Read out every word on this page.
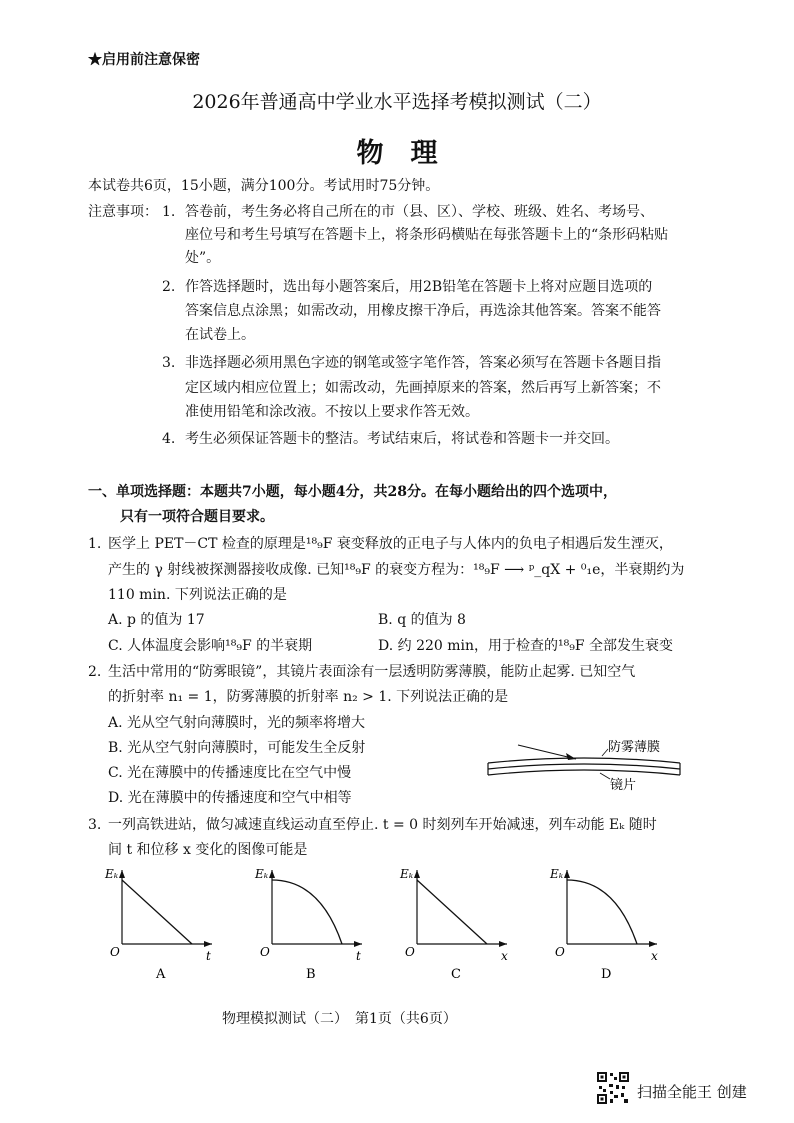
★启用前注意保密
2026年普通高中学业水平选择考模拟测试（二）
物　理
本试卷共6页，15小题，满分100分。考试用时75分钟。
注意事项： 1. 答卷前，考生务必将自己所在的市（县、区）、学校、班级、姓名、考场号、
座位号和考生号填写在答题卡上，将条形码横贴在每张答题卡上的“条形码粘贴
处”。
2. 作答选择题时，选出每小题答案后，用2B铅笔在答题卡上将对应题目选项的
答案信息点涂黑；如需改动，用橡皮擦干净后，再选涂其他答案。答案不能答
在试卷上。
3. 非选择题必须用黑色字迹的钢笔或签字笔作答，答案必须写在答题卡各题目指
定区域内相应位置上；如需改动，先画掉原来的答案，然后再写上新答案；不
准使用铅笔和涂改液。不按以上要求作答无效。
4. 考生必须保证答题卡的整洁。考试结束后，将试卷和答题卡一并交回。
一、单项选择题：本题共7小题，每小题4分，共28分。在每小题给出的四个选项中，
只有一项符合题目要求。
1. 医学上 PET－CT 检查的原理是¹⁸₉F 衰变释放的正电子与人体内的负电子相遇后发生湮灭，
产生的 γ 射线被探测器接收成像. 已知¹⁸₉F 的衰变方程为：¹⁸₉F ⟶ ᵖ_qX + ⁰₁e，半衰期约为
110 min. 下列说法正确的是
A. p 的值为 17	B. q 的值为 8
C. 人体温度会影响¹⁸₉F 的半衰期	D. 约 220 min，用于检查的¹⁸₉F 全部发生衰变
2. 生活中常用的“防雾眼镜”，其镜片表面涂有一层透明防雾薄膜，能防止起雾. 已知空气
的折射率 n₁ = 1，防雾薄膜的折射率 n₂ > 1. 下列说法正确的是
A. 光从空气射向薄膜时，光的频率将增大
B. 光从空气射向薄膜时，可能发生全反射
C. 光在薄膜中的传播速度比在空气中慢
D. 光在薄膜中的传播速度和空气中相等
防雾薄膜
镜片
3. 一列高铁进站，做匀减速直线运动直至停止. t = 0 时刻列车开始减速，列车动能 Eₖ 随时
间 t 和位移 x 变化的图像可能是
Eₖ
t
O
A
Eₖ
t
O
B
Eₖ
x
O
C
Eₖ
x
O
D
物理模拟测试（二）　第1页（共6页）
扫描全能王 创建
